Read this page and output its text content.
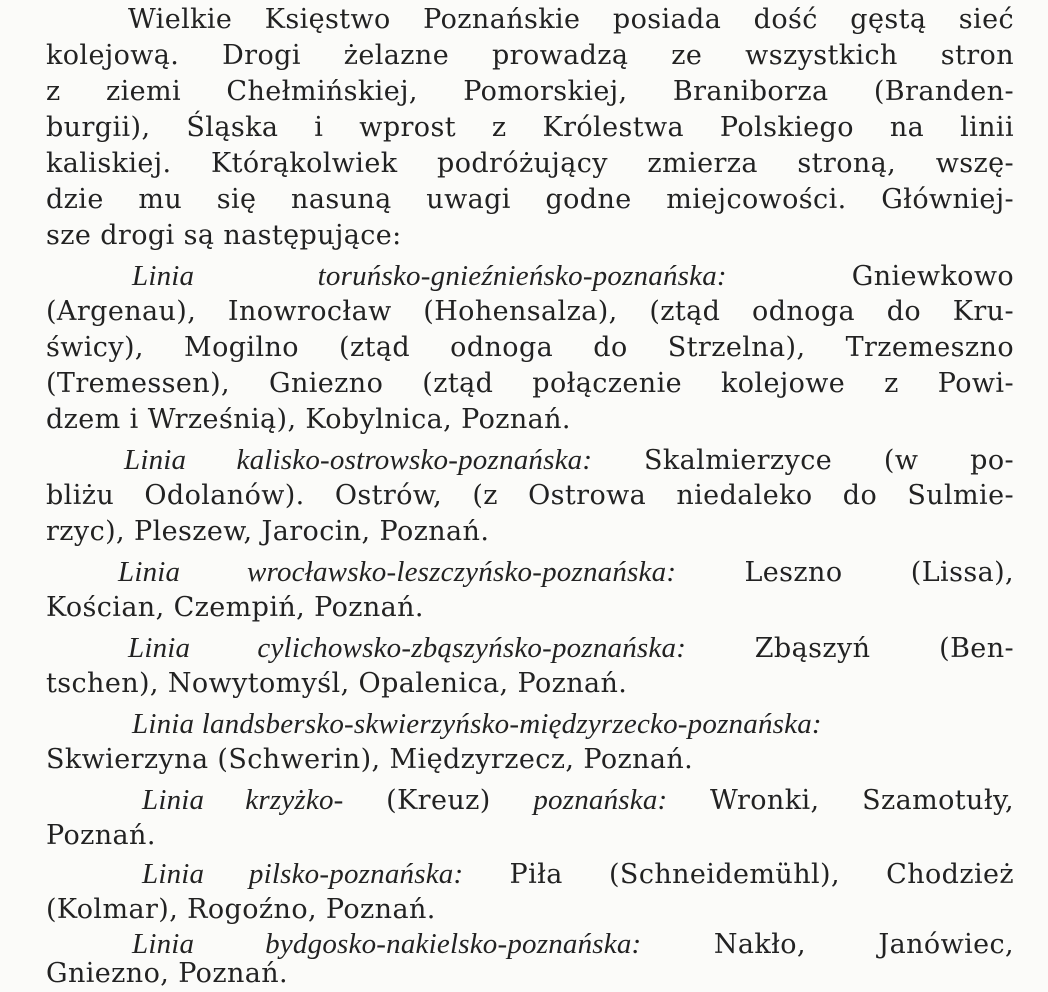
Wielkie Księstwo Poznańskie posiada dość gęstą sieć
kolejową. Drogi żelazne prowadzą ze wszystkich stron
z ziemi Chełmińskiej, Pomorskiej, Braniborza (Branden-
burgii), Śląska i wprost z Królestwa Polskiego na linii
kaliskiej. Którąkolwiek podróżujący zmierza stroną, wszę-
dzie mu się nasuną uwagi godne miejcowości. Główniej-
sze drogi są następujące:
Linia toruńsko-gnieźnieńsko-poznańska:	Gniewkowo
(Argenau), Inowrocław (Hohensalza), (ztąd odnoga do Kru-
świcy), Mogilno (ztąd odnoga do Strzelna), Trzemeszno
(Tremessen), Gniezno (ztąd połączenie kolejowe z Powi-
dzem i Wrześnią), Kobylnica, Poznań.
Linia kalisko-ostrowsko-poznańska: Skalmierzyce (w po-
bliżu Odolanów). Ostrów, (z Ostrowa niedaleko do Sulmie-
rzyc), Pleszew, Jarocin, Poznań.
Linia wrocławsko-leszczyńsko-poznańska:	Leszno (Lissa),
Kościan, Czempiń, Poznań.
Linia cylichowsko-zbąszyńsko-poznańska:	Zbąszyń (Ben-
tschen), Nowytomyśl, Opalenica, Poznań.
Linia landsbersko-skwierzyńsko-międzyrzecko-poznańska:
Skwierzyna (Schwerin), Międzyrzecz, Poznań.
Linia krzyżko- (Kreuz) poznańska: Wronki, Szamotuły,
Poznań.
Linia pilsko-poznańska: Piła (Schneidemühl), Chodzież
(Kolmar), Rogoźno, Poznań.
Linia bydgosko-nakielsko-poznańska:	Nakło, Janówiec,
Gniezno, Poznań.
